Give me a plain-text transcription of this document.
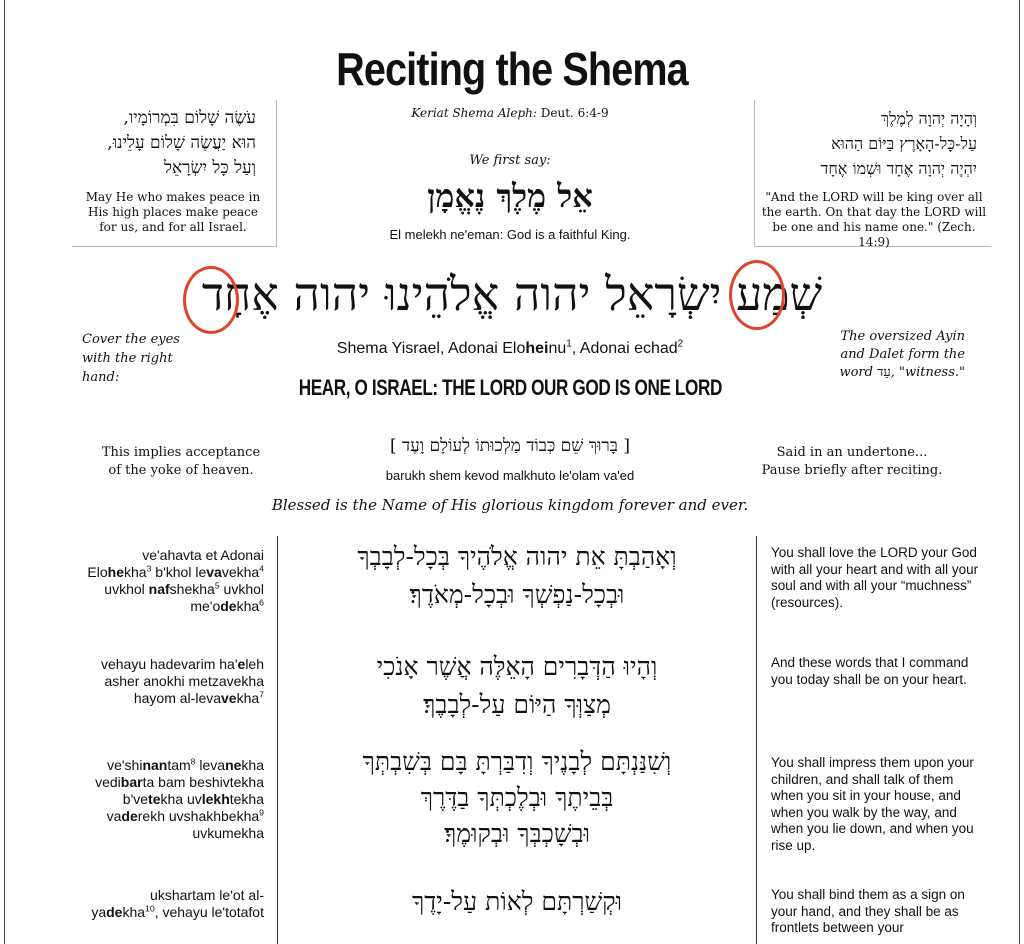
Reciting the Shema
עֹשֶׂה שָׁלוֹם בִּמְרוֹמָיו,
הוּא יַעֲשֶׂה שָׁלוֹם עָלֵינוּ,
וְעַל כָּל יִשְׂרָאֵל
May He who makes peace in His high places make peace for us, and for all Israel.
Keriat Shema Aleph: Deut. 6:4-9
We first say:
אֵל מֶלֶךְ נֶאֱמָן
El melekh ne'eman: God is a faithful King.
וְהָיָה יְהוָה לְמֶלֶךְ
עַל-כָּל-הָאָרֶץ בַּיּוֹם הַהוּא
יִהְיֶה יְהוָה אֶחָד וּשְׁמוֹ אֶחָד
"And the LORD will be king over all the earth. On that day the LORD will be one and his name one." (Zech. 14:9)
שְׁמַע יִשְׂרָאֵל יהוה אֱלֹהֵינוּ יהוה אֶחָד
Cover the eyes with the right hand:
The oversized Ayin and Dalet form the word עֵד, "witness."
Shema Yisrael, Adonai Eloheinu$^1$, Adonai echad$^2$
HEAR, O ISRAEL: THE LORD OUR GOD IS ONE LORD
This implies acceptance of the yoke of heaven.
[ בָּרוּךְ שֵׁם כְּבוֹד מַלְכוּתוֹ לְעוֹלָם וָעֶד ]
barukh shem kevod malkhuto le'olam va'ed
Blessed is the Name of His glorious kingdom forever and ever.
Said in an undertone... Pause briefly after reciting.
ve'ahavta et Adonai
Elohekha$^3$ b'khol levavekha$^4$
uvkhol nafshekha$^5$ uvkhol
me'odekha$^6$
וְאָהַבְתָּ אֵת יהוה אֱלֹהֶיךָ בְּכָל-לְבָבְךָ
וּבְכָל-נַפְשְׁךָ וּבְכָל-מְאֹדֶךָ׃
You shall love the LORD your God with all your heart and with all your soul and with all your “muchness” (resources).
vehayu hadevarim ha'eleh
asher anokhi metzavekha
hayom al-levavekha$^7$
וְהָיוּ הַדְּבָרִים הָאֵלֶּה אֲשֶׁר אָנֹכִי
מְצַוְּךָ הַיּוֹם עַל-לְבָבֶךָ׃
And these words that I command you today shall be on your heart.
ve'shinantam$^8$ levanekha
vedibarta bam beshivtekha
b'vetekha uvlekhtekha
vaderekh uvshakhbekha$^9$
uvkumekha
וְשִׁנַּנְתָּם לְבָנֶיךָ וְדִבַּרְתָּ בָּם בְּשִׁבְתְּךָ
בְּבֵיתֶךָ וּבְלֶכְתְּךָ בַדֶּרֶךְ
וּבְשָׁכְבְּךָ וּבְקוּמֶךָ׃
You shall impress them upon your children, and shall talk of them when you sit in your house, and when you walk by the way, and when you lie down, and when you rise up.
ukshartam le'ot al-
yadekha$^{10}$, vehayu le'totafot	וּקְשַׁרְתָּם לְאוֹת עַל-יָדֶךָ	You shall bind them as a sign on your hand, and they shall be as frontlets between your
